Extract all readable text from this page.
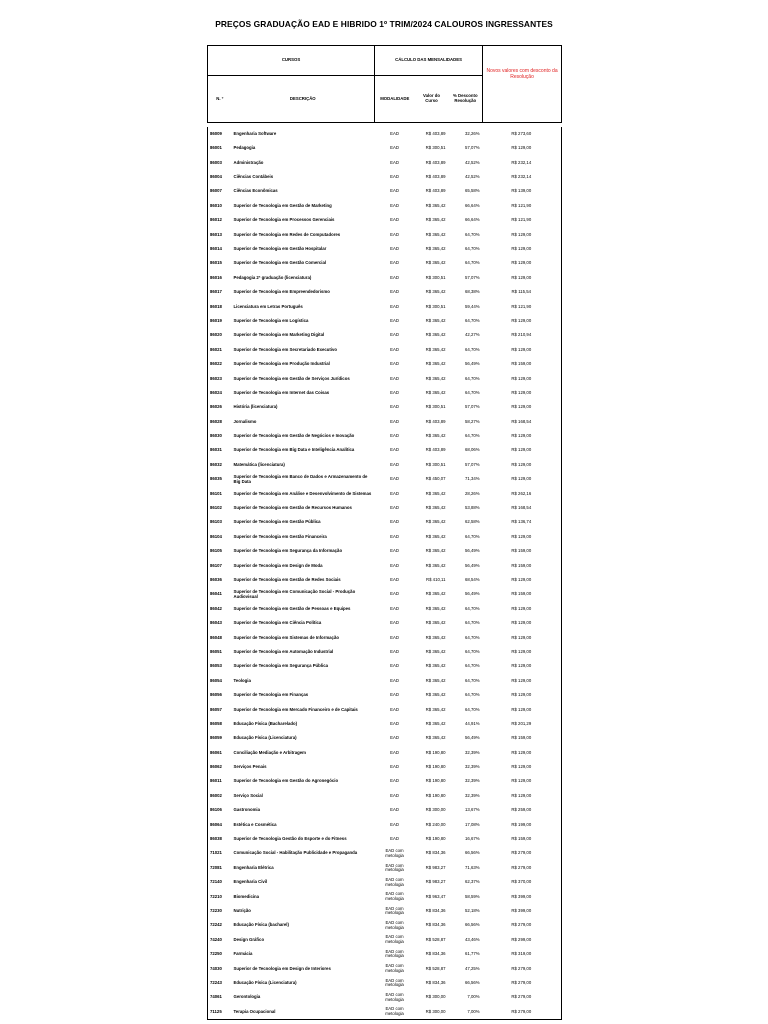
PREÇOS GRADUAÇÃO EAD E HIBRIDO 1º TRIM/2024 CALOUROS INGRESSANTES
CURSOS		CÁLCULO DAS MENSALIDADES			Novos valores com desconto da Resolução
N. º	DESCRIÇÃO	MODALIDADE	Valor do Curso	% Desconto Resolução	

86009	Engenharia Software	EAD	R$ 403,89	32,26%	R$ 273,60
86001	Pedagogia	EAD	R$ 300,51	57,07%	R$ 129,00
86003	Administração	EAD	R$ 403,89	42,52%	R$ 232,14
86004	Ciências Contábeis	EAD	R$ 403,89	42,52%	R$ 232,14
86007	Ciências Econômicas	EAD	R$ 403,89	65,58%	R$ 139,00
86010	Superior de Tecnologia em Gestão de Marketing	EAD	R$ 365,42	66,64%	R$ 121,90
86012	Superior de Tecnologia em Processos Gerenciais	EAD	R$ 365,42	66,64%	R$ 121,90
86013	Superior de Tecnologia em Redes de Computadores	EAD	R$ 365,42	64,70%	R$ 129,00
86014	Superior de Tecnologia em Gestão Hospitalar	EAD	R$ 365,42	64,70%	R$ 129,00
86015	Superior de Tecnologia em Gestão Comercial	EAD	R$ 365,42	64,70%	R$ 129,00
86016	Pedagogia 2ª graduação (licenciatura)	EAD	R$ 300,51	57,07%	R$ 129,00
86017	Superior de Tecnologia em Empreendedorismo	EAD	R$ 365,42	68,38%	R$ 115,54
86018	Licenciatura em Letras Português	EAD	R$ 300,51	59,44%	R$ 121,90
86019	Superior de Tecnologia em Logística	EAD	R$ 365,42	64,70%	R$ 129,00
86020	Superior de Tecnologia em Marketing Digital	EAD	R$ 365,42	42,27%	R$ 210,94
86021	Superior de Tecnologia em Secretariado Executivo	EAD	R$ 365,42	64,70%	R$ 129,00
86022	Superior de Tecnologia em Produção Industrial	EAD	R$ 365,42	56,49%	R$ 159,00
86023	Superior de Tecnologia em Gestão de Serviços Jurídicos	EAD	R$ 365,42	64,70%	R$ 129,00
86024	Superior de Tecnologia em Internet das Coisas	EAD	R$ 365,42	64,70%	R$ 129,00
86026	História (licenciatura)	EAD	R$ 300,51	57,07%	R$ 129,00
86028	Jornalismo	EAD	R$ 403,89	58,27%	R$ 168,54
86030	Superior de Tecnologia em Gestão de Negócios e Inovação	EAD	R$ 365,42	64,70%	R$ 129,00
86031	Superior de Tecnologia em Big Data e Inteligência Analítica	EAD	R$ 403,89	68,06%	R$ 129,00
86032	Matemática (licenciatura)	EAD	R$ 300,51	57,07%	R$ 129,00
86035	Superior de Tecnologia em Banco de Dados e Armazenamento de Big Data	EAD	R$ 450,07	71,34%	R$ 129,00
86101	Superior de Tecnologia em Análise e Desenvolvimento de Sistemas	EAD	R$ 365,42	28,26%	R$ 262,16
86102	Superior de Tecnologia em Gestão de Recursos Humanos	EAD	R$ 365,42	53,88%	R$ 168,54
86103	Superior de Tecnologia em Gestão Pública	EAD	R$ 365,42	62,58%	R$ 136,74
86104	Superior de Tecnologia em Gestão Financeira	EAD	R$ 365,42	64,70%	R$ 129,00
86105	Superior de Tecnologia em Segurança da Informação	EAD	R$ 365,42	56,49%	R$ 159,00
86107	Superior de Tecnologia em Design de Moda	EAD	R$ 365,42	56,49%	R$ 159,00
86036	Superior de Tecnologia em Gestão de Redes Sociais	EAD	R$ 410,11	68,54%	R$ 129,00
86041	Superior de Tecnologia em Comunicação Social - Produção Audiovisual	EAD	R$ 365,42	56,49%	R$ 159,00
86042	Superior de Tecnologia em Gestão de Pessoas e Equipes	EAD	R$ 365,42	64,70%	R$ 129,00
86043	Superior de Tecnologia em Ciência Política	EAD	R$ 365,42	64,70%	R$ 129,00
86048	Superior de Tecnologia em Sistemas de Informação	EAD	R$ 365,42	64,70%	R$ 129,00
86051	Superior de Tecnologia em Automação Industrial	EAD	R$ 365,42	64,70%	R$ 129,00
86053	Superior de Tecnologia em Segurança Pública	EAD	R$ 365,42	64,70%	R$ 129,00
86054	Teologia	EAD	R$ 365,42	64,70%	R$ 129,00
86056	Superior de Tecnologia em Finanças	EAD	R$ 365,42	64,70%	R$ 129,00
86057	Superior de Tecnologia em Mercado Financeiro e de Capitais	EAD	R$ 365,42	64,70%	R$ 129,00
86058	Educação Física (Bacharelado)	EAD	R$ 365,42	44,91%	R$ 201,29
86059	Educação Física (Licenciatura)	EAD	R$ 365,42	56,49%	R$ 159,00
86061	Conciliação Mediação e Arbitragem	EAD	R$ 190,80	32,39%	R$ 129,00
86062	Serviços Penais	EAD	R$ 190,80	32,39%	R$ 129,00
86011	Superior de Tecnologia em Gestão do Agronegócio	EAD	R$ 190,80	32,39%	R$ 129,00
86002	Serviço Social	EAD	R$ 190,80	32,39%	R$ 129,00
86106	Gastronomia	EAD	R$ 300,00	13,67%	R$ 259,00
86064	Estética e Cosmética	EAD	R$ 240,00	17,08%	R$ 199,00
86038	Superior de Tecnologia Gestão do Esporte e do Fitness	EAD	R$ 190,80	16,67%	R$ 159,00
71021	Comunicação Social - Habilitação Publicidade e Propaganda	EAD com metologia	R$ 834,36	66,56%	R$ 279,00
72081	Engenharia Elétrica	EAD com metologia	R$ 983,27	71,63%	R$ 279,00
72140	Engenharia Civil	EAD com metologia	R$ 983,27	62,37%	R$ 370,00
72210	Biomedicina	EAD com metologia	R$ 963,47	58,59%	R$ 399,00
72230	Nutrição	EAD com metologia	R$ 834,36	52,18%	R$ 399,00
72242	Educação Física (bacharel)	EAD com metologia	R$ 834,36	66,56%	R$ 279,00
74240	Design Gráfico	EAD com metologia	R$ 528,87	43,46%	R$ 299,00
72250	Farmácia	EAD com metologia	R$ 834,36	61,77%	R$ 319,00
74030	Superior de Tecnologia em Design de Interiores	EAD com metologia	R$ 528,87	47,25%	R$ 279,00
72243	Educação Física (Licenciatura)	EAD com metologia	R$ 834,36	66,56%	R$ 279,00
74061	Gerontologia	EAD com metologia	R$ 300,00	7,00%	R$ 279,00
71125	Terapia Ocupacional	EAD com metologia	R$ 300,00	7,00%	R$ 279,00
